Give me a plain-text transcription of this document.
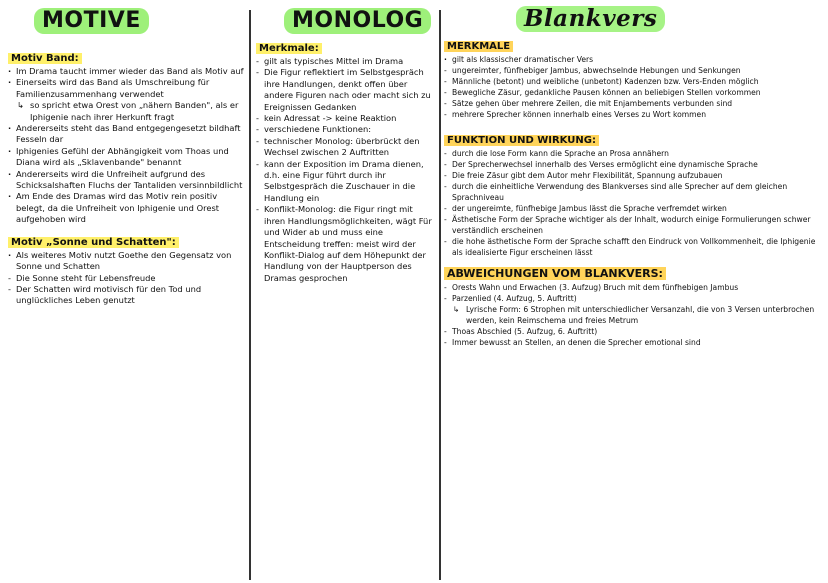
MOTIVE
Motiv Band:
· Im Drama taucht immer wieder das Band als Motiv auf
· Einerseits wird das Band als Umschreibung für Familienzusammenhang verwendet
↳ so spricht etwa Orest von „nähern Banden", als er Iphigenie nach ihrer Herkunft fragt
· Andererseits steht das Band entgegengesetzt bildhaft Fesseln dar
· Iphigenies Gefühl der Abhängigkeit vom Thoas und Diana wird als „Sklavenbande" benannt
· Andererseits wird die Unfreiheit aufgrund des Schicksalshaften Fluchs der Tantaliden versinnbildlicht
· Am Ende des Dramas wird das Motiv rein positiv belegt, da die Unfreiheit von Iphigenie und Orest aufgehoben wird
Motiv „Sonne und Schatten":
· Als weiteres Motiv nutzt Goethe den Gegensatz von Sonne und Schatten
- Die Sonne steht für Lebensfreude
- Der Schatten wird motivisch für den Tod und unglückliches Leben genutzt
MONOLOG
Merkmale:
- gilt als typisches Mittel im Drama
- Die Figur reflektiert im Selbstgespräch ihre Handlungen, denkt offen über andere Figuren nach oder macht sich zu Ereignissen Gedanken
- kein Adressat -> keine Reaktion
- verschiedene Funktionen:
- technischer Monolog: überbrückt den Wechsel zwischen 2 Auftritten
- kann der Exposition im Drama dienen, d.h. eine Figur führt durch ihr Selbstgespräch die Zuschauer in die Handlung ein
- Konflikt-Monolog: die Figur ringt mit ihren Handlungsmöglichkeiten, wägt Für und Wider ab und muss eine Entscheidung treffen: meist wird der Konflikt-Dialog auf dem Höhepunkt der Handlung von der Hauptperson des Dramas gesprochen
Blankvers
MERKMALE
· gilt als klassischer dramatischer Vers
- ungereimter, fünfhebiger Jambus, abwechselnde Hebungen und Senkungen
- Männliche (betont) und weibliche (unbetont) Kadenzen bzw. Vers-Enden möglich
- Bewegliche Zäsur, gedankliche Pausen können an beliebigen Stellen vorkommen
- Sätze gehen über mehrere Zeilen, die mit Enjambements verbunden sind
- mehrere Sprecher können innerhalb eines Verses zu Wort kommen
FUNKTION UND WIRKUNG:
- durch die lose Form kann die Sprache an Prosa annähern
- Der Sprecherwechsel innerhalb des Verses ermöglicht eine dynamische Sprache
- Die freie Zäsur gibt dem Autor mehr Flexibilität, Spannung aufzubauen
- durch die einheitliche Verwendung des Blankverses sind alle Sprecher auf dem gleichen Sprachniveau
- der ungereimte, fünfhebige Jambus lässt die Sprache verfremdet wirken
- Ästhetische Form der Sprache wichtiger als der Inhalt, wodurch einige Formulierungen schwer verständlich erscheinen
- die hohe ästhetische Form der Sprache schafft den Eindruck von Vollkommenheit, die Iphigenie als idealisierte Figur erscheinen lässt
ABWEICHUNGEN VOM BLANKVERS:
- Orests Wahn und Erwachen (3. Aufzug) Bruch mit dem fünfhebigen Jambus
- Parzenlied (4. Aufzug, 5. Auftritt)
↳ Lyrische Form: 6 Strophen mit unterschiedlicher Versanzahl, die von 3 Versen unterbrochen werden, kein Reimschema und freies Metrum
- Thoas Abschied (5. Aufzug, 6. Auftritt)
- Immer bewusst an Stellen, an denen die Sprecher emotional sind
